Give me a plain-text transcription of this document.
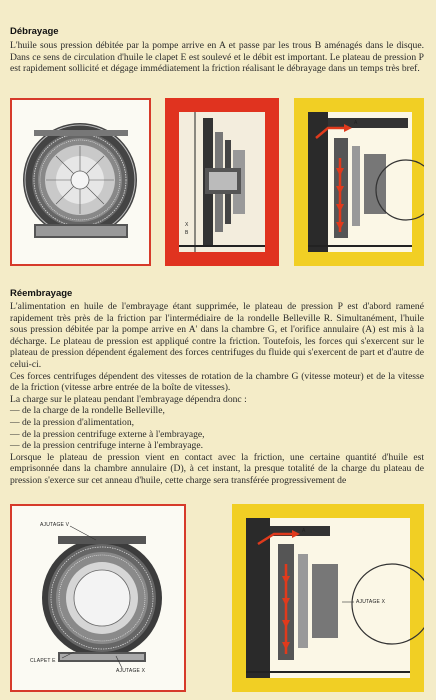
Débrayage

L'huile sous pression débitée par la pompe arrive en A et passe par les trous B aménagés dans le disque. Dans ce sens de circulation d'huile le clapet E est soulevé et le débit est important. Le plateau de pression P est rapidement sollicité et dégage immédiatement la friction réalisant le débrayage dans un temps très bref.

X
B
A
Réembrayage

L'alimentation en huile de l'embrayage étant supprimée, le plateau de pression P est d'abord ramené rapidement très près de la friction par l'intermédiaire de la rondelle Belleville R. Simultanément, l'huile sous pression débitée par la pompe arrive en A' dans la chambre G, et l'orifice annulaire (A) est mis à la décharge. Le plateau de pression est appliqué contre la friction. Toutefois, les forces qui s'exercent sur le plateau de pression dépendent également des forces centrifuges du fluide qui s'exercent de part et d'autre de celui-ci.

Ces forces centrifuges dépendent des vitesses de rotation de la chambre G (vitesse moteur) et de la vitesse de la friction (vitesse arbre entrée de la boîte de vitesses).

La charge sur le plateau pendant l'embrayage dépendra donc :

— de la charge de la rondelle Belleville,
— de la pression d'alimentation,
— de la pression centrifuge externe à l'embrayage,
— de la pression centrifuge interne à l'embrayage.

Lorsque le plateau de pression vient en contact avec la friction, une certaine quantité d'huile est emprisonnée dans la chambre annulaire (D), à cet instant, la presque totalité de la charge du plateau de pression s'exerce sur cet anneau d'huile, cette charge sera transférée progressivement de

AJUTAGE V
CLAPET E
AJUTAGE X
A
AJUTAGE X
